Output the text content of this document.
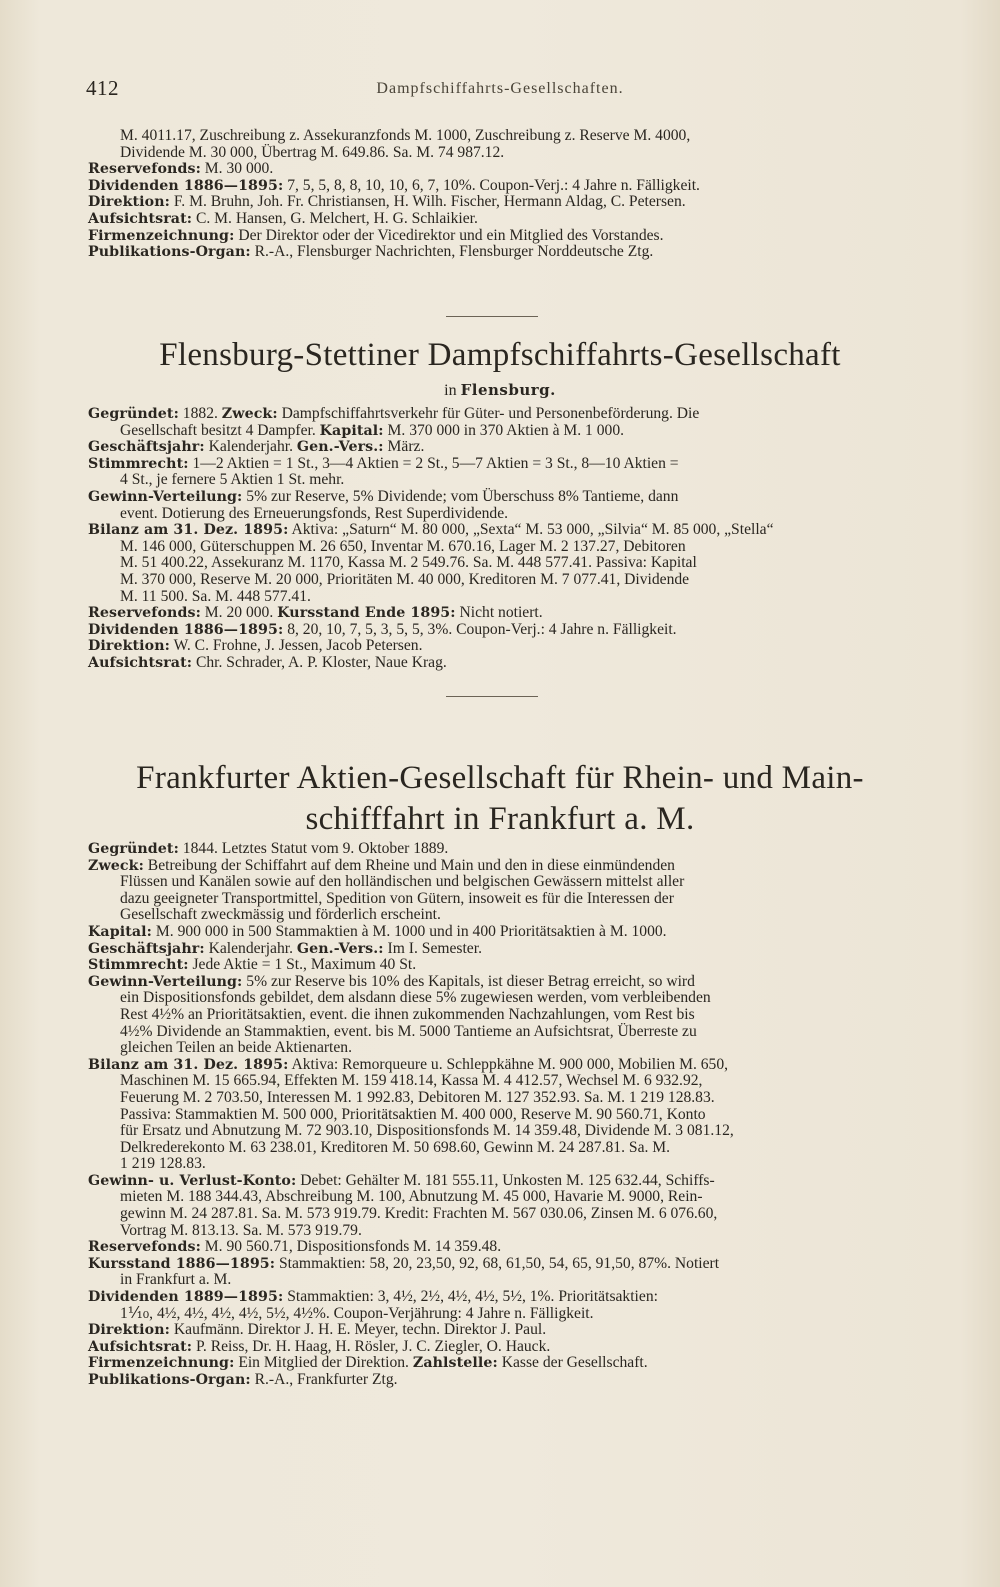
412	Dampfschiffahrts-Gesellschaften.

M. 4011.17, Zuschreibung z. Assekuranzfonds M. 1000, Zuschreibung z. Reserve M. 4000,

Dividende M. 30 000, Übertrag M. 649.86. Sa. M. 74 987.12.

Reservefonds: M. 30 000.

Dividenden 1886—1895: 7, 5, 5, 8, 8, 10, 10, 6, 7, 10%. Coupon-Verj.: 4 Jahre n. Fälligkeit.

Direktion: F. M. Bruhn, Joh. Fr. Christiansen, H. Wilh. Fischer, Hermann Aldag, C. Petersen.

Aufsichtsrat: C. M. Hansen, G. Melchert, H. G. Schlaikier.

Firmenzeichnung: Der Direktor oder der Vicedirektor und ein Mitglied des Vorstandes.

Publikations-Organ: R.-A., Flensburger Nachrichten, Flensburger Norddeutsche Ztg.

Flensburg-Stettiner Dampfschiffahrts-Gesellschaft
in Flensburg.

Gegründet: 1882. Zweck: Dampfschiffahrtsverkehr für Güter- und Personenbeförderung. Die

Gesellschaft besitzt 4 Dampfer. Kapital: M. 370 000 in 370 Aktien à M. 1 000.

Geschäftsjahr: Kalenderjahr. Gen.-Vers.: März.

Stimmrecht: 1—2 Aktien = 1 St., 3—4 Aktien = 2 St., 5—7 Aktien = 3 St., 8—10 Aktien =

4 St., je fernere 5 Aktien 1 St. mehr.

Gewinn-Verteilung: 5% zur Reserve, 5% Dividende; vom Überschuss 8% Tantieme, dann

event. Dotierung des Erneuerungsfonds, Rest Superdividende.

Bilanz am 31. Dez. 1895: Aktiva: „Saturn“ M. 80 000, „Sexta“ M. 53 000, „Silvia“ M. 85 000, „Stella“

M. 146 000, Güterschuppen M. 26 650, Inventar M. 670.16, Lager M. 2 137.27, Debitoren

M. 51 400.22, Assekuranz M. 1170, Kassa M. 2 549.76. Sa. M. 448 577.41. Passiva: Kapital

M. 370 000, Reserve M. 20 000, Prioritäten M. 40 000, Kreditoren M. 7 077.41, Dividende

M. 11 500. Sa. M. 448 577.41.

Reservefonds: M. 20 000. Kursstand Ende 1895: Nicht notiert.

Dividenden 1886—1895: 8, 20, 10, 7, 5, 3, 5, 5, 3%. Coupon-Verj.: 4 Jahre n. Fälligkeit.

Direktion: W. C. Frohne, J. Jessen, Jacob Petersen.

Aufsichtsrat: Chr. Schrader, A. P. Kloster, Naue Krag.

Frankfurter Aktien-Gesellschaft für Rhein- und Main-
schifffahrt in Frankfurt a. M.

Gegründet: 1844. Letztes Statut vom 9. Oktober 1889.

Zweck: Betreibung der Schiffahrt auf dem Rheine und Main und den in diese einmündenden

Flüssen und Kanälen sowie auf den holländischen und belgischen Gewässern mittelst aller

dazu geeigneter Transportmittel, Spedition von Gütern, insoweit es für die Interessen der

Gesellschaft zweckmässig und förderlich erscheint.

Kapital: M. 900 000 in 500 Stammaktien à M. 1000 und in 400 Prioritätsaktien à M. 1000.

Geschäftsjahr: Kalenderjahr. Gen.-Vers.: Im I. Semester.

Stimmrecht: Jede Aktie = 1 St., Maximum 40 St.

Gewinn-Verteilung: 5% zur Reserve bis 10% des Kapitals, ist dieser Betrag erreicht, so wird

ein Dispositionsfonds gebildet, dem alsdann diese 5% zugewiesen werden, vom verbleibenden

Rest 4½% an Prioritätsaktien, event. die ihnen zukommenden Nachzahlungen, vom Rest bis

4½% Dividende an Stammaktien, event. bis M. 5000 Tantieme an Aufsichtsrat, Überreste zu

gleichen Teilen an beide Aktienarten.

Bilanz am 31. Dez. 1895: Aktiva: Remorqueure u. Schleppkähne M. 900 000, Mobilien M. 650,

Maschinen M. 15 665.94, Effekten M. 159 418.14, Kassa M. 4 412.57, Wechsel M. 6 932.92,

Feuerung M. 2 703.50, Interessen M. 1 992.83, Debitoren M. 127 352.93. Sa. M. 1 219 128.83.

Passiva: Stammaktien M. 500 000, Prioritätsaktien M. 400 000, Reserve M. 90 560.71, Konto

für Ersatz und Abnutzung M. 72 903.10, Dispositionsfonds M. 14 359.48, Dividende M. 3 081.12,

Delkrederekonto M. 63 238.01, Kreditoren M. 50 698.60, Gewinn M. 24 287.81. Sa. M.

1 219 128.83.

Gewinn- u. Verlust-Konto: Debet: Gehälter M. 181 555.11, Unkosten M. 125 632.44, Schiffs-

mieten M. 188 344.43, Abschreibung M. 100, Abnutzung M. 45 000, Havarie M. 9000, Rein-

gewinn M. 24 287.81. Sa. M. 573 919.79. Kredit: Frachten M. 567 030.06, Zinsen M. 6 076.60,

Vortrag M. 813.13. Sa. M. 573 919.79.

Reservefonds: M. 90 560.71, Dispositionsfonds M. 14 359.48.

Kursstand 1886—1895: Stammaktien: 58, 20, 23,50, 92, 68, 61,50, 54, 65, 91,50, 87%. Notiert

in Frankfurt a. M.

Dividenden 1889—1895: Stammaktien: 3, 4½, 2½, 4½, 4½, 5½, 1%. Prioritätsaktien:

1⅒, 4½, 4½, 4½, 4½, 5½, 4½%. Coupon-Verjährung: 4 Jahre n. Fälligkeit.

Direktion: Kaufmänn. Direktor J. H. E. Meyer, techn. Direktor J. Paul.

Aufsichtsrat: P. Reiss, Dr. H. Haag, H. Rösler, J. C. Ziegler, O. Hauck.

Firmenzeichnung: Ein Mitglied der Direktion. Zahlstelle: Kasse der Gesellschaft.

Publikations-Organ: R.-A., Frankfurter Ztg.
